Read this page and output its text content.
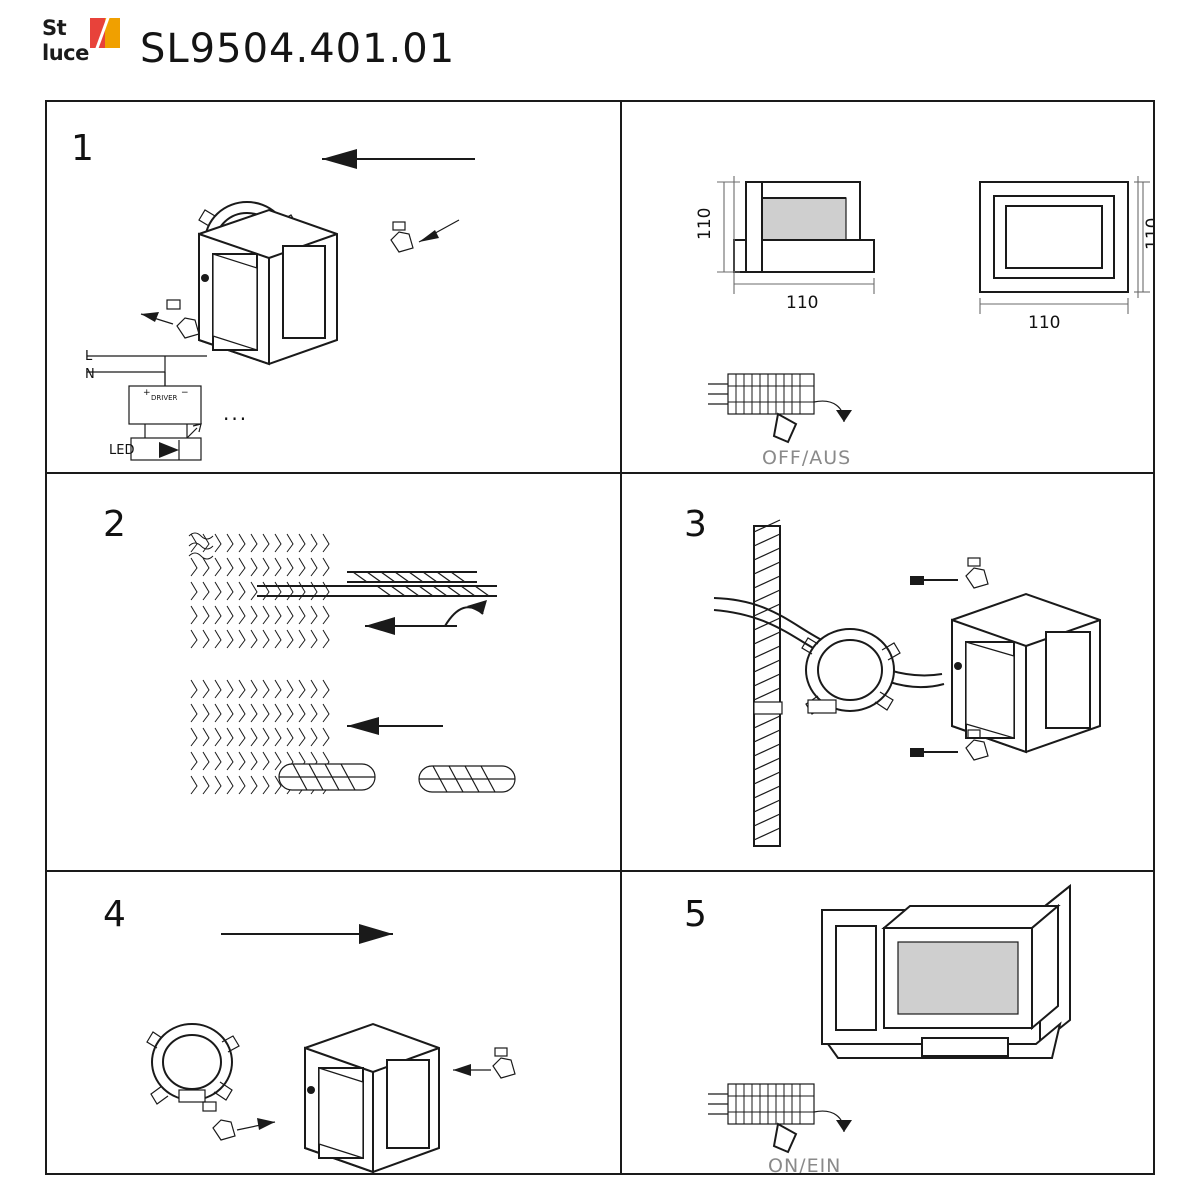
St
luce SL9504.401.01
1
DRIVER
L
N
LED
+	−
...
110
110
110
110
OFF/AUS
2	3
4	5
ON/EIN
